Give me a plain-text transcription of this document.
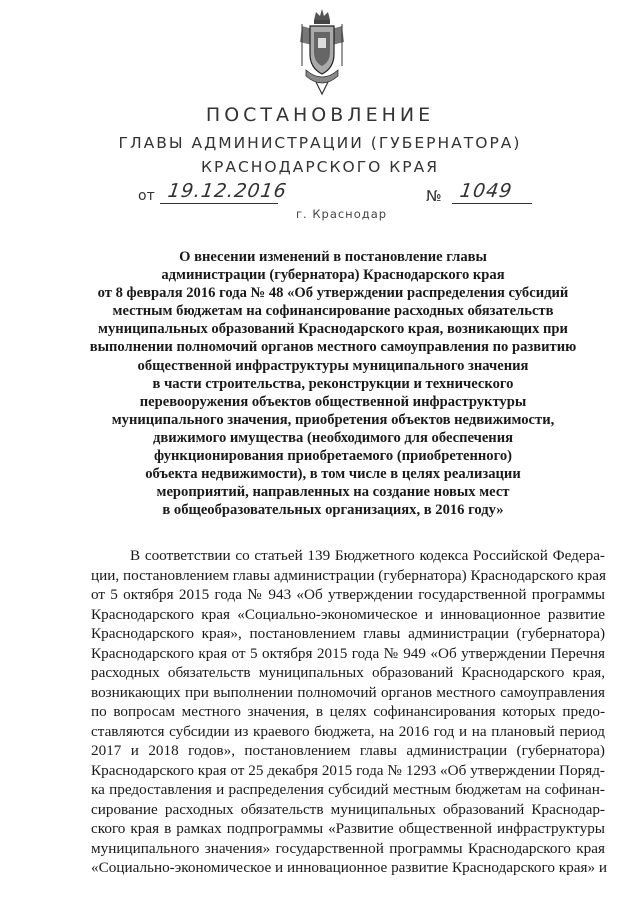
ПОСТАНОВЛЕНИЕ
ГЛАВЫ АДМИНИСТРАЦИИ (ГУБЕРНАТОРА)
КРАСНОДАРСКОГО КРАЯ
от 19.12.2016	№ 1049
г. Краснодар
О внесении изменений в постановление главы
администрации (губернатора) Краснодарского края
от 8 февраля 2016 года № 48 «Об утверждении распределения субсидий
местным бюджетам на софинансирование расходных обязательств
муниципальных образований Краснодарского края, возникающих при
выполнении полномочий органов местного самоуправления по развитию
общественной инфраструктуры муниципального значения
в части строительства, реконструкции и технического
перевооружения объектов общественной инфраструктуры
муниципального значения, приобретения объектов недвижимости,
движимого имущества (необходимого для обеспечения
функционирования приобретаемого (приобретенного)
объекта недвижимости), в том числе в целях реализации
мероприятий, направленных на создание новых мест
в общеобразовательных организациях, в 2016 году»
В соответствии со статьей 139 Бюджетного кодекса Российской Федера-
ции, постановлением главы администрации (губернатора) Краснодарского края
от 5 октября 2015 года № 943 «Об утверждении государственной программы
Краснодарского края «Социально-экономическое и инновационное развитие
Краснодарского края», постановлением главы администрации (губернатора)
Краснодарского края от 5 октября 2015 года № 949 «Об утверждении Перечня
расходных обязательств муниципальных образований Краснодарского края,
возникающих при выполнении полномочий органов местного самоуправления
по вопросам местного значения, в целях софинансирования которых предо-
ставляются субсидии из краевого бюджета, на 2016 год и на плановый период
2017 и 2018 годов», постановлением главы администрации (губернатора)
Краснодарского края от 25 декабря 2015 года № 1293 «Об утверждении Поряд-
ка предоставления и распределения субсидий местным бюджетам на софинан-
сирование расходных обязательств муниципальных образований Краснодар-
ского края в рамках подпрограммы «Развитие общественной инфраструктуры
муниципального значения» государственной программы Краснодарского края
«Социально-экономическое и инновационное развитие Краснодарского края» и
